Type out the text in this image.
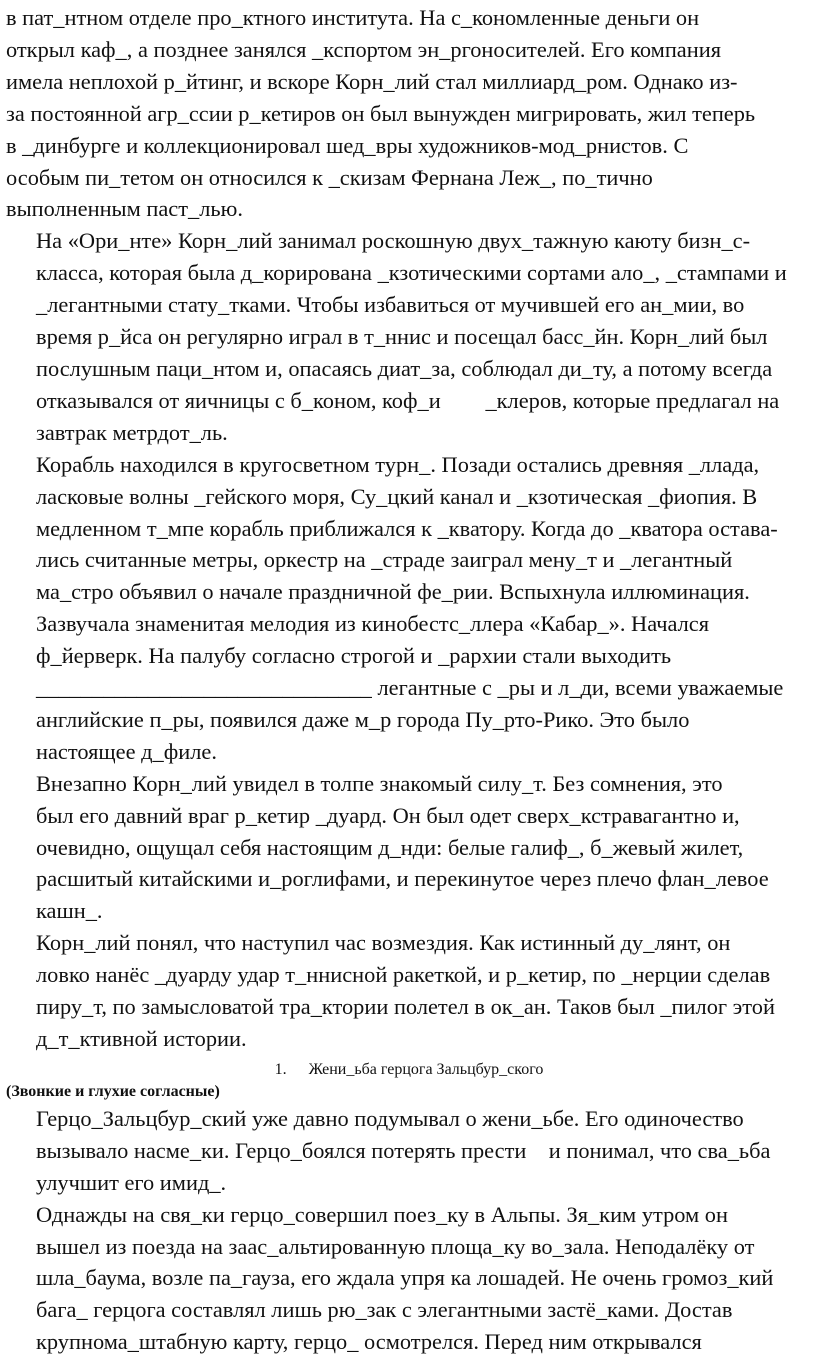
в пат_нтном отделе про_ктного института. На с_кономленные деньги он
открыл каф_, а позднее занялся _кспортом эн_ргоносителей. Его компания
имела неплохой р_йтинг, и вскоре Корн_лий стал миллиард_ром. Однако из-
за постоянной агр_ссии р_кетиров он был вынужден мигрировать, жил теперь
в _динбурге и коллекционировал шед_вры художников-мод_рнистов. С
особым пи_тетом он относился к _скизам Фернана Леж_, по_тично
выполненным паст_лью.

На «Ори_нте» Корн_лий занимал роскошную двух_тажную каюту бизн_с-
класса, которая была д_корирована _кзотическими сортами ало_, _стампами и
_легантными стату_тками. Чтобы избавиться от мучившей его ан_мии, во
время р_йса он регулярно играл в т_ннис и посещал басс_йн. Корн_лий был
послушным паци_нтом и, опасаясь диат_за, соблюдал ди_ту, а потому всегда
отказывался от яичницы с б_коном, коф_и        _клеров, которые предлагал на
завтрак метрдот_ль.

Корабль находился в кругосветном турн_. Позади остались древняя _ллада,
ласковые волны _гейского моря, Су_цкий канал и _кзотическая _фиопия. В
медленном т_мпе корабль приближался к _кватору. Когда до _кватора остава-
лись считанные метры, оркестр на _страде заиграл мену_т и _легантный
ма_стро объявил о начале праздничной фе_рии. Вспыхнула иллюминация.
Зазвучала знаменитая мелодия из кинобестс_ллера «Кабар_». Начался
ф_йерверк. На палубу согласно строгой и _рархии стали выходить
______________________________ легантные с _ры и л_ди, всеми уважаемые
английские п_ры, появился даже м_р города Пу_рто-Рико. Это было
настоящее д_филе.

Внезапно Корн_лий увидел в толпе знакомый силу_т. Без сомнения, это
был его давний враг р_кетир _дуард. Он был одет сверх_кстравагантно и,
очевидно, ощущал себя настоящим д_нди: белые галиф_, б_жевый жилет,
расшитый китайскими и_роглифами, и перекинутое через плечо флан_левое
кашн_.

Корн_лий понял, что наступил час возмездия. Как истинный ду_лянт, он
ловко нанёс _дуарду удар т_ннисной ракеткой, и р_кетир, по _нерции сделав
пиру_т, по замысловатой тра_ктории полетел в ок_ан. Таков был _пилог этой
д_т_ктивной истории.

1. Жени_ьба герцога Зальцбур_ского

(Звонкие и глухие согласные)

Герцо_Зальцбур_ский уже давно подумывал о жени_ьбе. Его одиночество
вызывало насме_ки. Герцо_боялся потерять прести    и понимал, что сва_ьба
улучшит его имид_.

Однажды на свя_ки герцо_совершил поез_ку в Альпы. Зя_ким утром он
вышел из поезда на заас_альтированную площа_ку во_зала. Неподалёку от
шла_баума, возле па_гауза, его ждала упря ка лошадей. Не очень громоз_кий
бага_ герцога составлял лишь рю_зак с элегантными застё_ками. Достав
крупнома_штабную карту, герцо_ осмотрелся. Перед ним открывался
